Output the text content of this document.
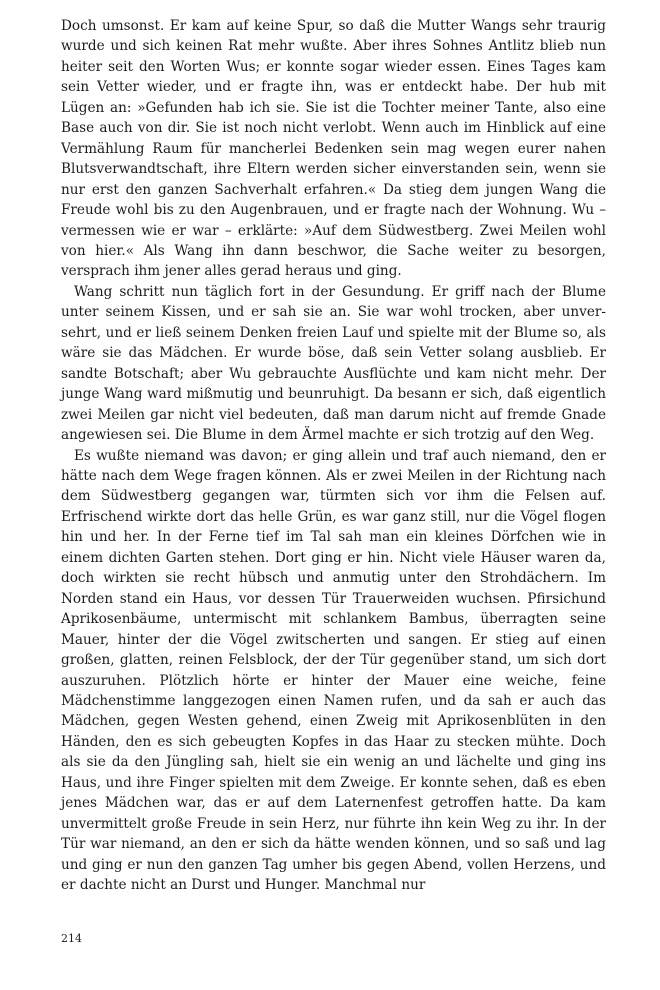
Doch umsonst. Er kam auf keine Spur, so daß die Mutter Wangs sehr traurig wurde und sich keinen Rat mehr wußte. Aber ihres Sohnes Antlitz blieb nun heiter seit den Worten Wus; er konnte sogar wieder essen. Eines Tages kam sein Vetter wieder, und er fragte ihn, was er entdeckt habe. Der hub mit Lügen an: »Gefunden hab ich sie. Sie ist die Tochter meiner Tante, also eine Base auch von dir. Sie ist noch nicht verlobt. Wenn auch im Hinblick auf eine Vermählung Raum für mancherlei Bedenken sein mag wegen eurer nahen Blutsverwandtschaft, ihre Eltern werden sicher einverstanden sein, wenn sie nur erst den ganzen Sachverhalt erfahren.« Da stieg dem jungen Wang die Freude wohl bis zu den Augenbrauen, und er fragte nach der Wohnung. Wu – vermessen wie er war – erklärte: »Auf dem Südwestberg. Zwei Meilen wohl von hier.« Als Wang ihn dann beschwor, die Sache weiter zu besorgen, versprach ihm jener alles gerad heraus und ging.

Wang schritt nun täglich fort in der Gesundung. Er griff nach der Blume unter seinem Kissen, und er sah sie an. Sie war wohl trocken, aber unversehrt, und er ließ seinem Denken freien Lauf und spielte mit der Blume so, als wäre sie das Mädchen. Er wurde böse, daß sein Vetter solang ausblieb. Er sandte Botschaft; aber Wu gebrauchte Ausflüchte und kam nicht mehr. Der junge Wang ward mißmutig und beunruhigt. Da besann er sich, daß eigentlich zwei Meilen gar nicht viel bedeuten, daß man darum nicht auf fremde Gnade angewiesen sei. Die Blume in dem Ärmel machte er sich trotzig auf den Weg.

Es wußte niemand was davon; er ging allein und traf auch niemand, den er hätte nach dem Wege fragen können. Als er zwei Meilen in der Richtung nach dem Südwestberg gegangen war, türmten sich vor ihm die Felsen auf. Erfrischend wirkte dort das helle Grün, es war ganz still, nur die Vögel flogen hin und her. In der Ferne tief im Tal sah man ein kleines Dörfchen wie in einem dichten Garten stehen. Dort ging er hin. Nicht viele Häuser waren da, doch wirkten sie recht hübsch und anmutig unter den Strohdächern. Im Norden stand ein Haus, vor dessen Tür Trauerweiden wuchsen. Pfirsichund Aprikosenbäume, untermischt mit schlankem Bambus, überragten seine Mauer, hinter der die Vögel zwitscherten und sangen. Er stieg auf einen großen, glatten, reinen Felsblock, der der Tür gegenüber stand, um sich dort auszuruhen. Plötzlich hörte er hinter der Mauer eine weiche, feine Mädchenstimme langgezogen einen Namen rufen, und da sah er auch das Mädchen, gegen Westen gehend, einen Zweig mit Aprikosenblüten in den Händen, den es sich gebeugten Kopfes in das Haar zu stecken mühte. Doch als sie da den Jüngling sah, hielt sie ein wenig an und lächelte und ging ins Haus, und ihre Finger spielten mit dem Zweige. Er konnte sehen, daß es eben jenes Mädchen war, das er auf dem Laternenfest getroffen hatte. Da kam unvermittelt große Freude in sein Herz, nur führte ihn kein Weg zu ihr. In der Tür war niemand, an den er sich da hätte wenden können, und so saß und lag und ging er nun den ganzen Tag umher bis gegen Abend, vollen Herzens, und er dachte nicht an Durst und Hunger. Manchmal nur

214
